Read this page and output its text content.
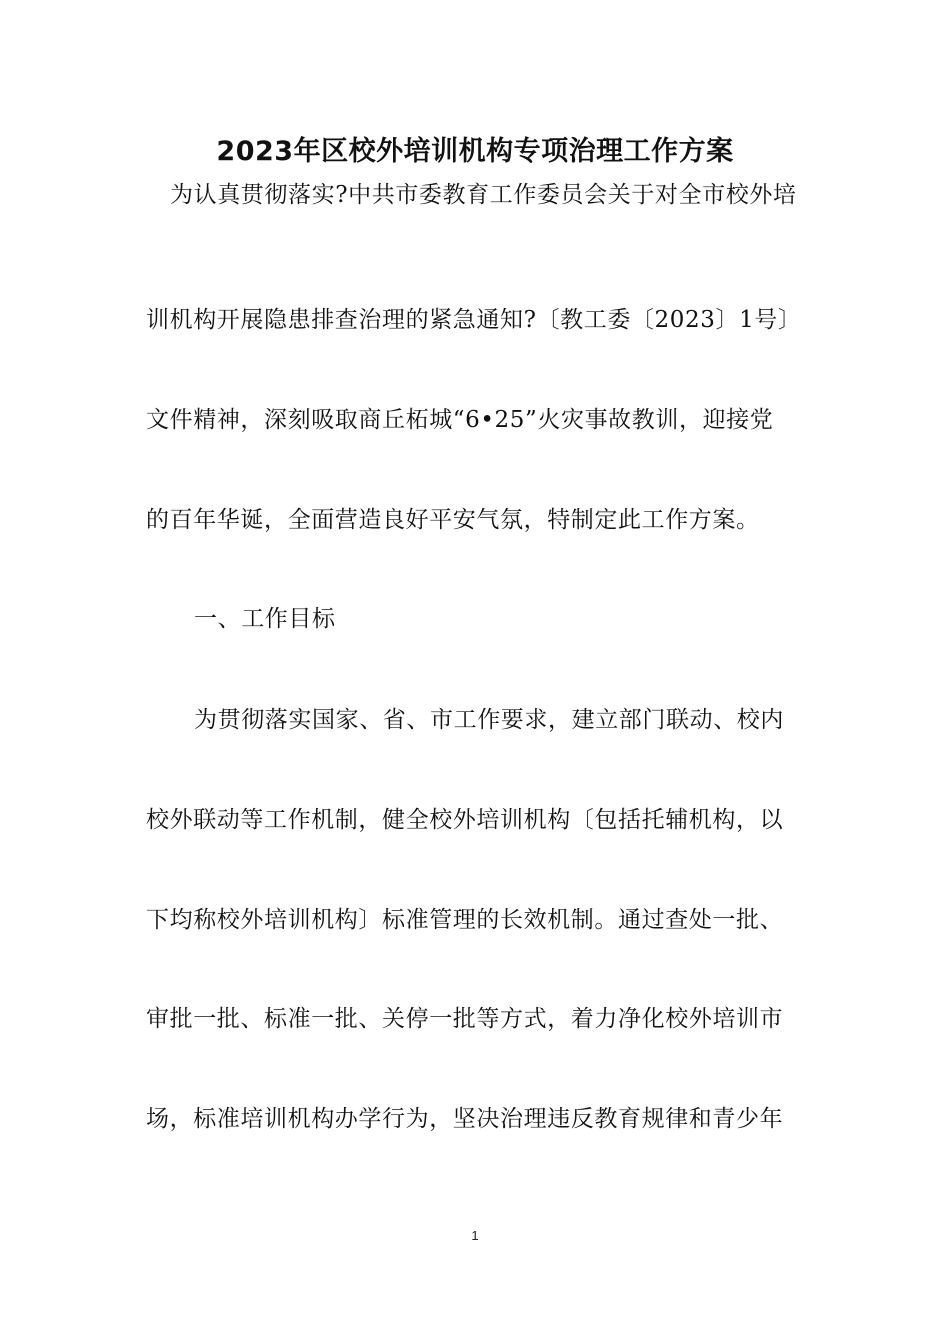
2023年区校外培训机构专项治理工作方案
为认真贯彻落实?中共市委教育工作委员会关于对全市校外培
训机构开展隐患排查治理的紧急通知?〔教工委〔2023〕1号〕
文件精神，深刻吸取商丘柘城“6•25”火灾事故教训，迎接党
的百年华诞，全面营造良好平安气氛，特制定此工作方案。
一、工作目标
为贯彻落实国家、省、市工作要求，建立部门联动、校内
校外联动等工作机制，健全校外培训机构〔包括托辅机构，以
下均称校外培训机构〕标准管理的长效机制。通过查处一批、
审批一批、标准一批、关停一批等方式，着力净化校外培训市
场，标准培训机构办学行为，坚决治理违反教育规律和青少年
1
